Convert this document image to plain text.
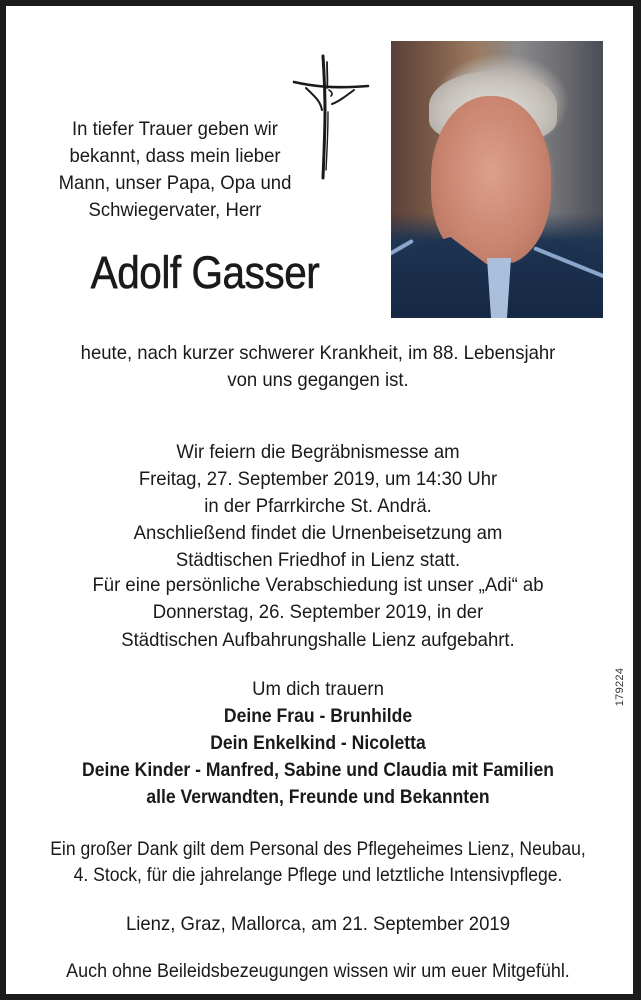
In tiefer Trauer geben wir
bekannt, dass mein lieber
Mann, unser Papa, Opa und
Schwiegervater, Herr
Adolf Gasser
heute, nach kurzer schwerer Krankheit, im 88. Lebensjahr
von uns gegangen ist.
Wir feiern die Begräbnismesse am
Freitag, 27. September 2019, um 14:30 Uhr
in der Pfarrkirche St. Andrä.
Anschließend findet die Urnenbeisetzung am
Städtischen Friedhof in Lienz statt.
Für eine persönliche Verabschiedung ist unser „Adi“ ab
Donnerstag, 26. September 2019, in der
Städtischen Aufbahrungshalle Lienz aufgebahrt.
Um dich trauern
Deine Frau - Brunhilde
Dein Enkelkind - Nicoletta
Deine Kinder - Manfred, Sabine und Claudia mit Familien
alle Verwandten, Freunde und Bekannten
Ein großer Dank gilt dem Personal des Pflegeheimes Lienz, Neubau,
4. Stock, für die jahrelange Pflege und letztliche Intensivpflege.
Lienz, Graz, Mallorca, am 21. September 2019
Auch ohne Beileidsbezeugungen wissen wir um euer Mitgefühl.
179224
